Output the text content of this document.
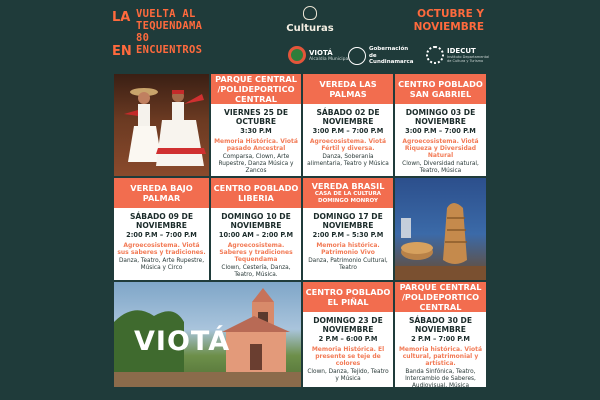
LA VUELTA AL
TEQUENDAMA
80
ENCUENTROS
EN
Culturas
OCTUBRE Y NOVIEMBRE
VIOTÁ
Alcaldía Municipal
Gobernación de Cundinamarca
IDECUT
Instituto Departamental de Cultura y Turismo
PARQUE CENTRAL /POLIDEPORTICO CENTRAL
VIERNES 25 DE OCTUBRE
3:30 P.M
Memoria Histórica. Viotá pasado Ancestral
Comparsa, Clown, Arte Rupestre, Danza Música y Zancos
VEREDA LAS PALMAS
SÁBADO 02 DE NOVIEMBRE
3:00 P.M – 7:00 P.M
Agroecosistema. Viotá Fértil y diversa.
Danza, Soberanía alimentaria, Teatro y Música
CENTRO POBLADO SAN GABRIEL
DOMINGO 03 DE NOVIEMBRE
3:00 P.M – 7:00 P.M
Agroecosistema. Viotá Riqueza y Diversidad Natural
Clown, Diversidad natural, Teatro, Música
VEREDA BAJO PALMAR
SÁBADO 09 DE NOVIEMBRE
2:00 P.M – 7:00 P.M
Agroecosistema. Viotá sus saberes y tradiciones.
Danza, Teatro, Arte Rupestre, Música y Circo
CENTRO POBLADO LIBERIA
DOMINGO 10 DE NOVIEMBRE
10:00 AM – 2:00 P.M
Agroecosistema. Saberes y tradiciones Tequendama
Clown, Cestería, Danza, Teatro, Música.
VEREDA BRASIL
CASA DE LA CULTURA DOMINGO MONROY
DOMINGO 17 DE NOVIEMBRE
2:00 P.M – 5:30 P.M
Memoria histórica. Patrimonio Vivo
Danza, Patrimonio Cultural, Teatro
VIOTÁ
CENTRO POBLADO EL PIÑAL
DOMINGO 23 DE NOVIEMBRE
2 P.M – 6:00 P.M
Memoria Histórica. El presente se teje de colores
Clown, Danza, Tejido, Teatro y Música
PARQUE CENTRAL /POLIDEPORTICO CENTRAL
SÁBADO 30 DE NOVIEMBRE
2 P.M – 7:00 P.M
Memoria histórica. Viotá cultural, patrimonial y artística.
Banda Sinfónica, Teatro, Intercambio de Saberes, Audiovisual, Música
